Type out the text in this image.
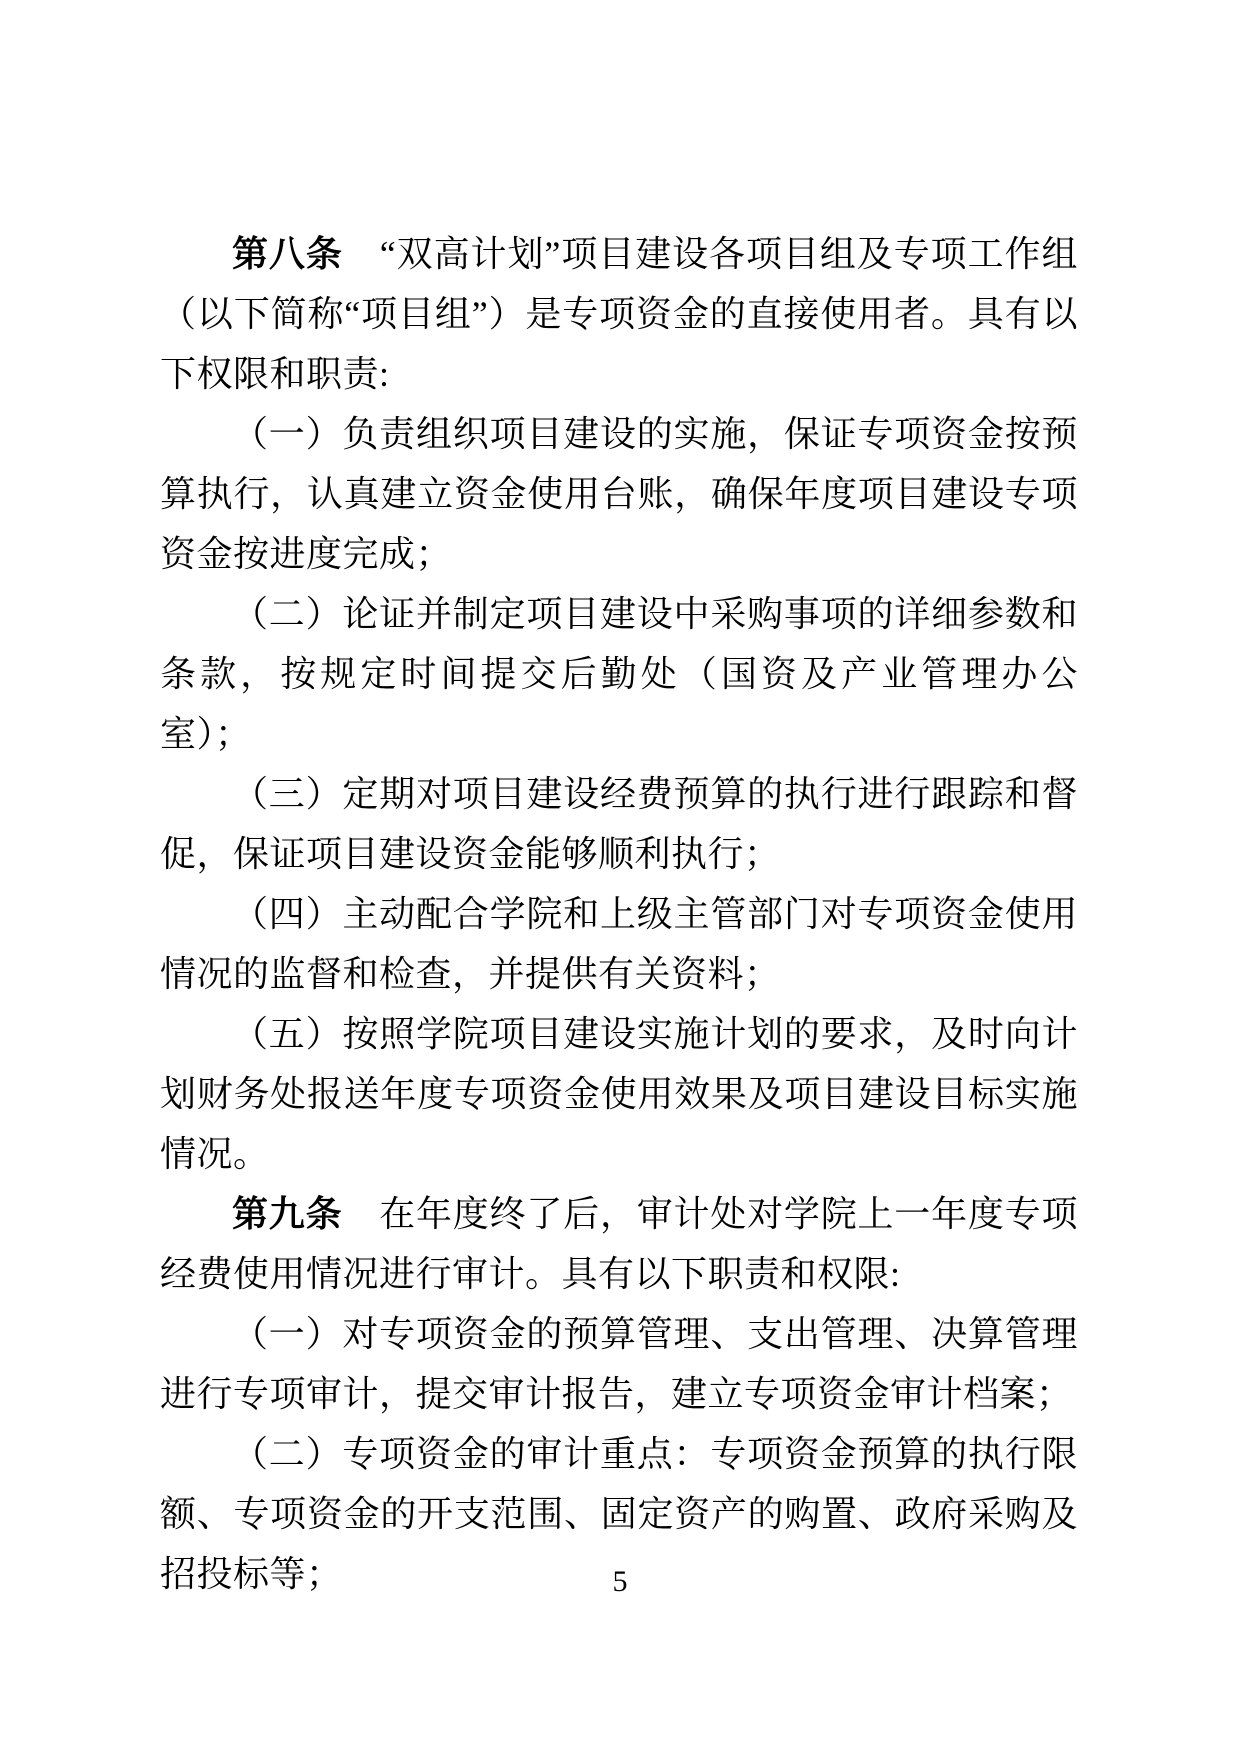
第八条　“双高计划”项目建设各项目组及专项工作组（以下简称“项目组”）是专项资金的直接使用者。具有以下权限和职责:

（一）负责组织项目建设的实施，保证专项资金按预算执行，认真建立资金使用台账，确保年度项目建设专项资金按进度完成；

（二）论证并制定项目建设中采购事项的详细参数和条款，按规定时间提交后勤处（国资及产业管理办公室）；

（三）定期对项目建设经费预算的执行进行跟踪和督促，保证项目建设资金能够顺利执行；

（四）主动配合学院和上级主管部门对专项资金使用情况的监督和检查，并提供有关资料；

（五）按照学院项目建设实施计划的要求，及时向计划财务处报送年度专项资金使用效果及项目建设目标实施情况。

第九条　在年度终了后，审计处对学院上一年度专项经费使用情况进行审计。具有以下职责和权限:

（一）对专项资金的预算管理、支出管理、决算管理进行专项审计，提交审计报告，建立专项资金审计档案；

（二）专项资金的审计重点：专项资金预算的执行限额、专项资金的开支范围、固定资产的购置、政府采购及招投标等；	5
